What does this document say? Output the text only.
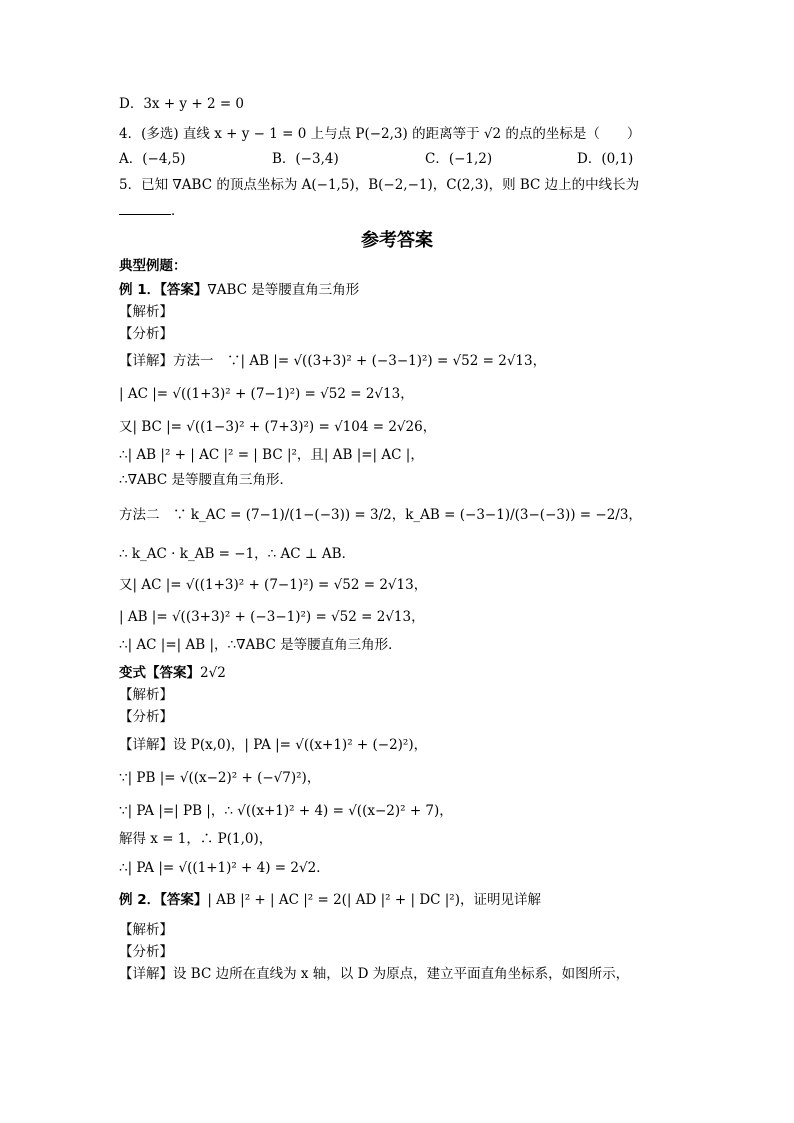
D．3x + y + 2 = 0
4．(多选) 直线 x + y − 1 = 0 上与点 P(−2,3) 的距离等于 √2 的点的坐标是（　　）
A．(−4,5)	B．(−3,4)	C．(−1,2)	D．(0,1)
5．已知 ∇ABC 的顶点坐标为 A(−1,5)，B(−2,−1)，C(2,3)，则 BC 边上的中线长为
．
参考答案
典型例题：
例 1．【答案】∇ABC 是等腰直角三角形
【解析】
【分析】
【详解】方法一　∵| AB |= √((3+3)² + (−3−1)²) = √52 = 2√13，
| AC |= √((1+3)² + (7−1)²) = √52 = 2√13，
又| BC |= √((1−3)² + (7+3)²) = √104 = 2√26，
∴| AB |² + | AC |² = | BC |²，且| AB |=| AC |，
∴∇ABC 是等腰直角三角形．
方法二　∵ k_AC = (7−1)/(1−(−3)) = 3/2，k_AB = (−3−1)/(3−(−3)) = −2/3，
∴ k_AC · k_AB = −1，∴ AC ⊥ AB．
又| AC |= √((1+3)² + (7−1)²) = √52 = 2√13，
| AB |= √((3+3)² + (−3−1)²) = √52 = 2√13，
∴| AC |=| AB |，∴∇ABC 是等腰直角三角形．
变式【答案】2√2
【解析】
【分析】
【详解】设 P(x,0)，| PA |= √((x+1)² + (−2)²)，
∵| PB |= √((x−2)² + (−√7)²)，
∵| PA |=| PB |，∴ √((x+1)² + 4) = √((x−2)² + 7)，
解得 x = 1，∴ P(1,0)，
∴| PA |= √((1+1)² + 4) = 2√2．
例 2．【答案】| AB |² + | AC |² = 2(| AD |² + | DC |²)，证明见详解
【解析】
【分析】
【详解】设 BC 边所在直线为 x 轴，以 D 为原点，建立平面直角坐标系，如图所示，
